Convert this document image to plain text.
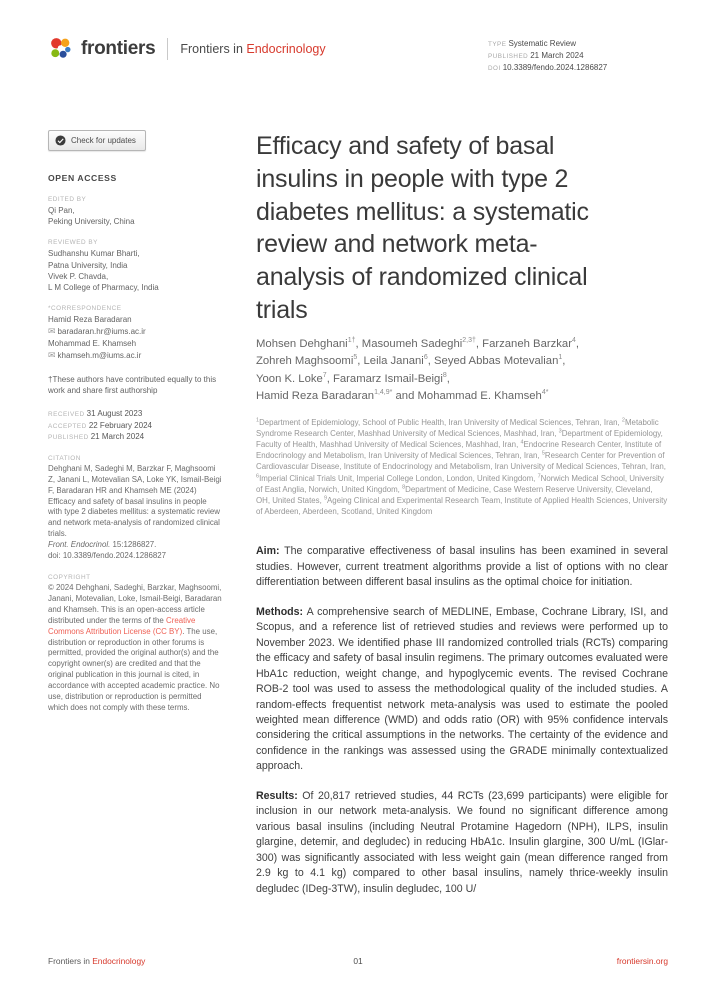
frontiers Frontiers in Endocrinology	TYPE Systematic Review
PUBLISHED 21 March 2024
DOI 10.3389/fendo.2024.1286827
Check for updates
OPEN ACCESS
EDITED BY
Qi Pan,
Peking University, China
REVIEWED BY
Sudhanshu Kumar Bharti,
Patna University, India
Vivek P. Chavda,
L M College of Pharmacy, India
*CORRESPONDENCE
Hamid Reza Baradaran
✉ baradaran.hr@iums.ac.ir
Mohammad E. Khamseh
✉ khamseh.m@iums.ac.ir
†These authors have contributed equally to this work and share first authorship
RECEIVED 31 August 2023
ACCEPTED 22 February 2024
PUBLISHED 21 March 2024
CITATION
Dehghani M, Sadeghi M, Barzkar F, Maghsoomi Z, Janani L, Motevalian SA, Loke YK, Ismail-Beigi F, Baradaran HR and Khamseh ME (2024) Efficacy and safety of basal insulins in people with type 2 diabetes mellitus: a systematic review and network meta-analysis of randomized clinical trials.
Front. Endocrinol. 15:1286827.
doi: 10.3389/fendo.2024.1286827
COPYRIGHT
© 2024 Dehghani, Sadeghi, Barzkar, Maghsoomi, Janani, Motevalian, Loke, Ismail-Beigi, Baradaran and Khamseh. This is an open-access article distributed under the terms of the Creative Commons Attribution License (CC BY). The use, distribution or reproduction in other forums is permitted, provided the original author(s) and the copyright owner(s) are credited and that the original publication in this journal is cited, in accordance with accepted academic practice. No use, distribution or reproduction is permitted which does not comply with these terms.
Efficacy and safety of basal insulins in people with type 2 diabetes mellitus: a systematic review and network meta-analysis of randomized clinical trials
Mohsen Dehghani$^{1\dagger}$, Masoumeh Sadeghi$^{2,3\dagger}$, Farzaneh Barzkar$^4$,
Zohreh Maghsoomi$^5$, Leila Janani$^6$, Seyed Abbas Motevalian$^1$,
Yoon K. Loke$^7$, Faramarz Ismail-Beigi$^8$,
Hamid Reza Baradaran$^{1,4,9*}$ and Mohammad E. Khamseh$^{4*}$
$^1$Department of Epidemiology, School of Public Health, Iran University of Medical Sciences, Tehran, Iran, $^2$Metabolic Syndrome Research Center, Mashhad University of Medical Sciences, Mashhad, Iran, $^3$Department of Epidemiology, Faculty of Health, Mashhad University of Medical Sciences, Mashhad, Iran, $^4$Endocrine Research Center, Institute of Endocrinology and Metabolism, Iran University of Medical Sciences, Tehran, Iran, $^5$Research Center for Prevention of Cardiovascular Disease, Institute of Endocrinology and Metabolism, Iran University of Medical Sciences, Tehran, Iran, $^6$Imperial Clinical Trials Unit, Imperial College London, London, United Kingdom, $^7$Norwich Medical School, University of East Anglia, Norwich, United Kingdom, $^8$Department of Medicine, Case Western Reserve University, Cleveland, OH, United States, $^9$Ageing Clinical and Experimental Research Team, Institute of Applied Health Sciences, University of Aberdeen, Aberdeen, Scotland, United Kingdom

Aim: The comparative effectiveness of basal insulins has been examined in several studies. However, current treatment algorithms provide a list of options with no clear differentiation between different basal insulins as the optimal choice for initiation.

Methods: A comprehensive search of MEDLINE, Embase, Cochrane Library, ISI, and Scopus, and a reference list of retrieved studies and reviews were performed up to November 2023. We identified phase III randomized controlled trials (RCTs) comparing the efficacy and safety of basal insulin regimens. The primary outcomes evaluated were HbA1c reduction, weight change, and hypoglycemic events. The revised Cochrane ROB-2 tool was used to assess the methodological quality of the included studies. A random-effects frequentist network meta-analysis was used to estimate the pooled weighted mean difference (WMD) and odds ratio (OR) with 95% confidence intervals considering the critical assumptions in the networks. The certainty of the evidence and confidence in the rankings was assessed using the GRADE minimally contextualized approach.

Results: Of 20,817 retrieved studies, 44 RCTs (23,699 participants) were eligible for inclusion in our network meta-analysis. We found no significant difference among various basal insulins (including Neutral Protamine Hagedorn (NPH), ILPS, insulin glargine, detemir, and degludec) in reducing HbA1c. Insulin glargine, 300 U/mL (IGlar-300) was significantly associated with less weight gain (mean difference ranged from 2.9 kg to 4.1 kg) compared to other basal insulins, namely thrice-weekly insulin degludec (IDeg-3TW), insulin degludec, 100 U/

Frontiers in Endocrinology	01	frontiersin.org
